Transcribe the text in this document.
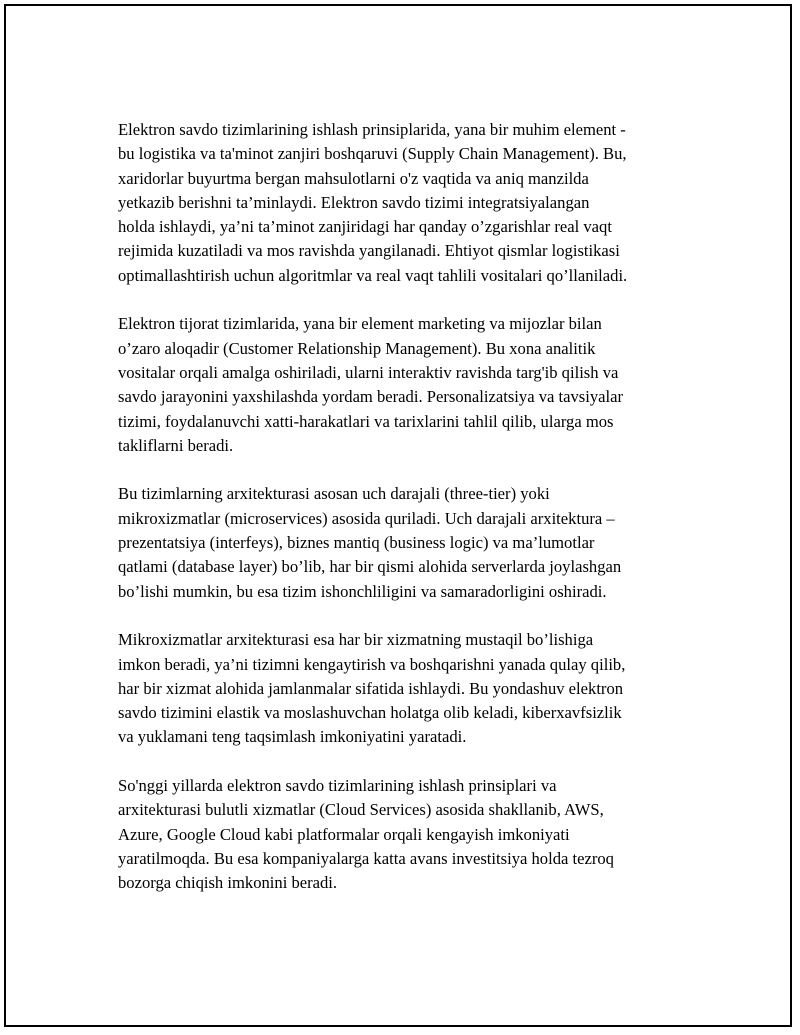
Elektron savdo tizimlarining ishlash prinsiplarida, yana bir muhim element -
bu logistika va ta'minot zanjiri boshqaruvi (Supply Chain Management). Bu,
xaridorlar buyurtma bergan mahsulotlarni o'z vaqtida va aniq manzilda
yetkazib berishni ta’minlaydi. Elektron savdo tizimi integratsiyalangan
holda ishlaydi, ya’ni ta’minot zanjiridagi har qanday o’zgarishlar real vaqt
rejimida kuzatiladi va mos ravishda yangilanadi. Ehtiyot qismlar logistikasi
optimallashtirish uchun algoritmlar va real vaqt tahlili vositalari qo’llaniladi.

Elektron tijorat tizimlarida, yana bir element marketing va mijozlar bilan
o’zaro aloqadir (Customer Relationship Management). Bu xona analitik
vositalar orqali amalga oshiriladi, ularni interaktiv ravishda targ'ib qilish va
savdo jarayonini yaxshilashda yordam beradi. Personalizatsiya va tavsiyalar
tizimi, foydalanuvchi xatti-harakatlari va tarixlarini tahlil qilib, ularga mos
takliflarni beradi.

Bu tizimlarning arxitekturasi asosan uch darajali (three-tier) yoki
mikroxizmatlar (microservices) asosida quriladi. Uch darajali arxitektura –
prezentatsiya (interfeys), biznes mantiq (business logic) va ma’lumotlar
qatlami (database layer) bo’lib, har bir qismi alohida serverlarda joylashgan
bo’lishi mumkin, bu esa tizim ishonchliligini va samaradorligini oshiradi.

Mikroxizmatlar arxitekturasi esa har bir xizmatning mustaqil bo’lishiga
imkon beradi, ya’ni tizimni kengaytirish va boshqarishni yanada qulay qilib,
har bir xizmat alohida jamlanmalar sifatida ishlaydi. Bu yondashuv elektron
savdo tizimini elastik va moslashuvchan holatga olib keladi, kiberxavfsizlik
va yuklamani teng taqsimlash imkoniyatini yaratadi.

So'nggi yillarda elektron savdo tizimlarining ishlash prinsiplari va
arxitekturasi bulutli xizmatlar (Cloud Services) asosida shakllanib, AWS,
Azure, Google Cloud kabi platformalar orqali kengayish imkoniyati
yaratilmoqda. Bu esa kompaniyalarga katta avans investitsiya holda tezroq
bozorga chiqish imkonini beradi.
